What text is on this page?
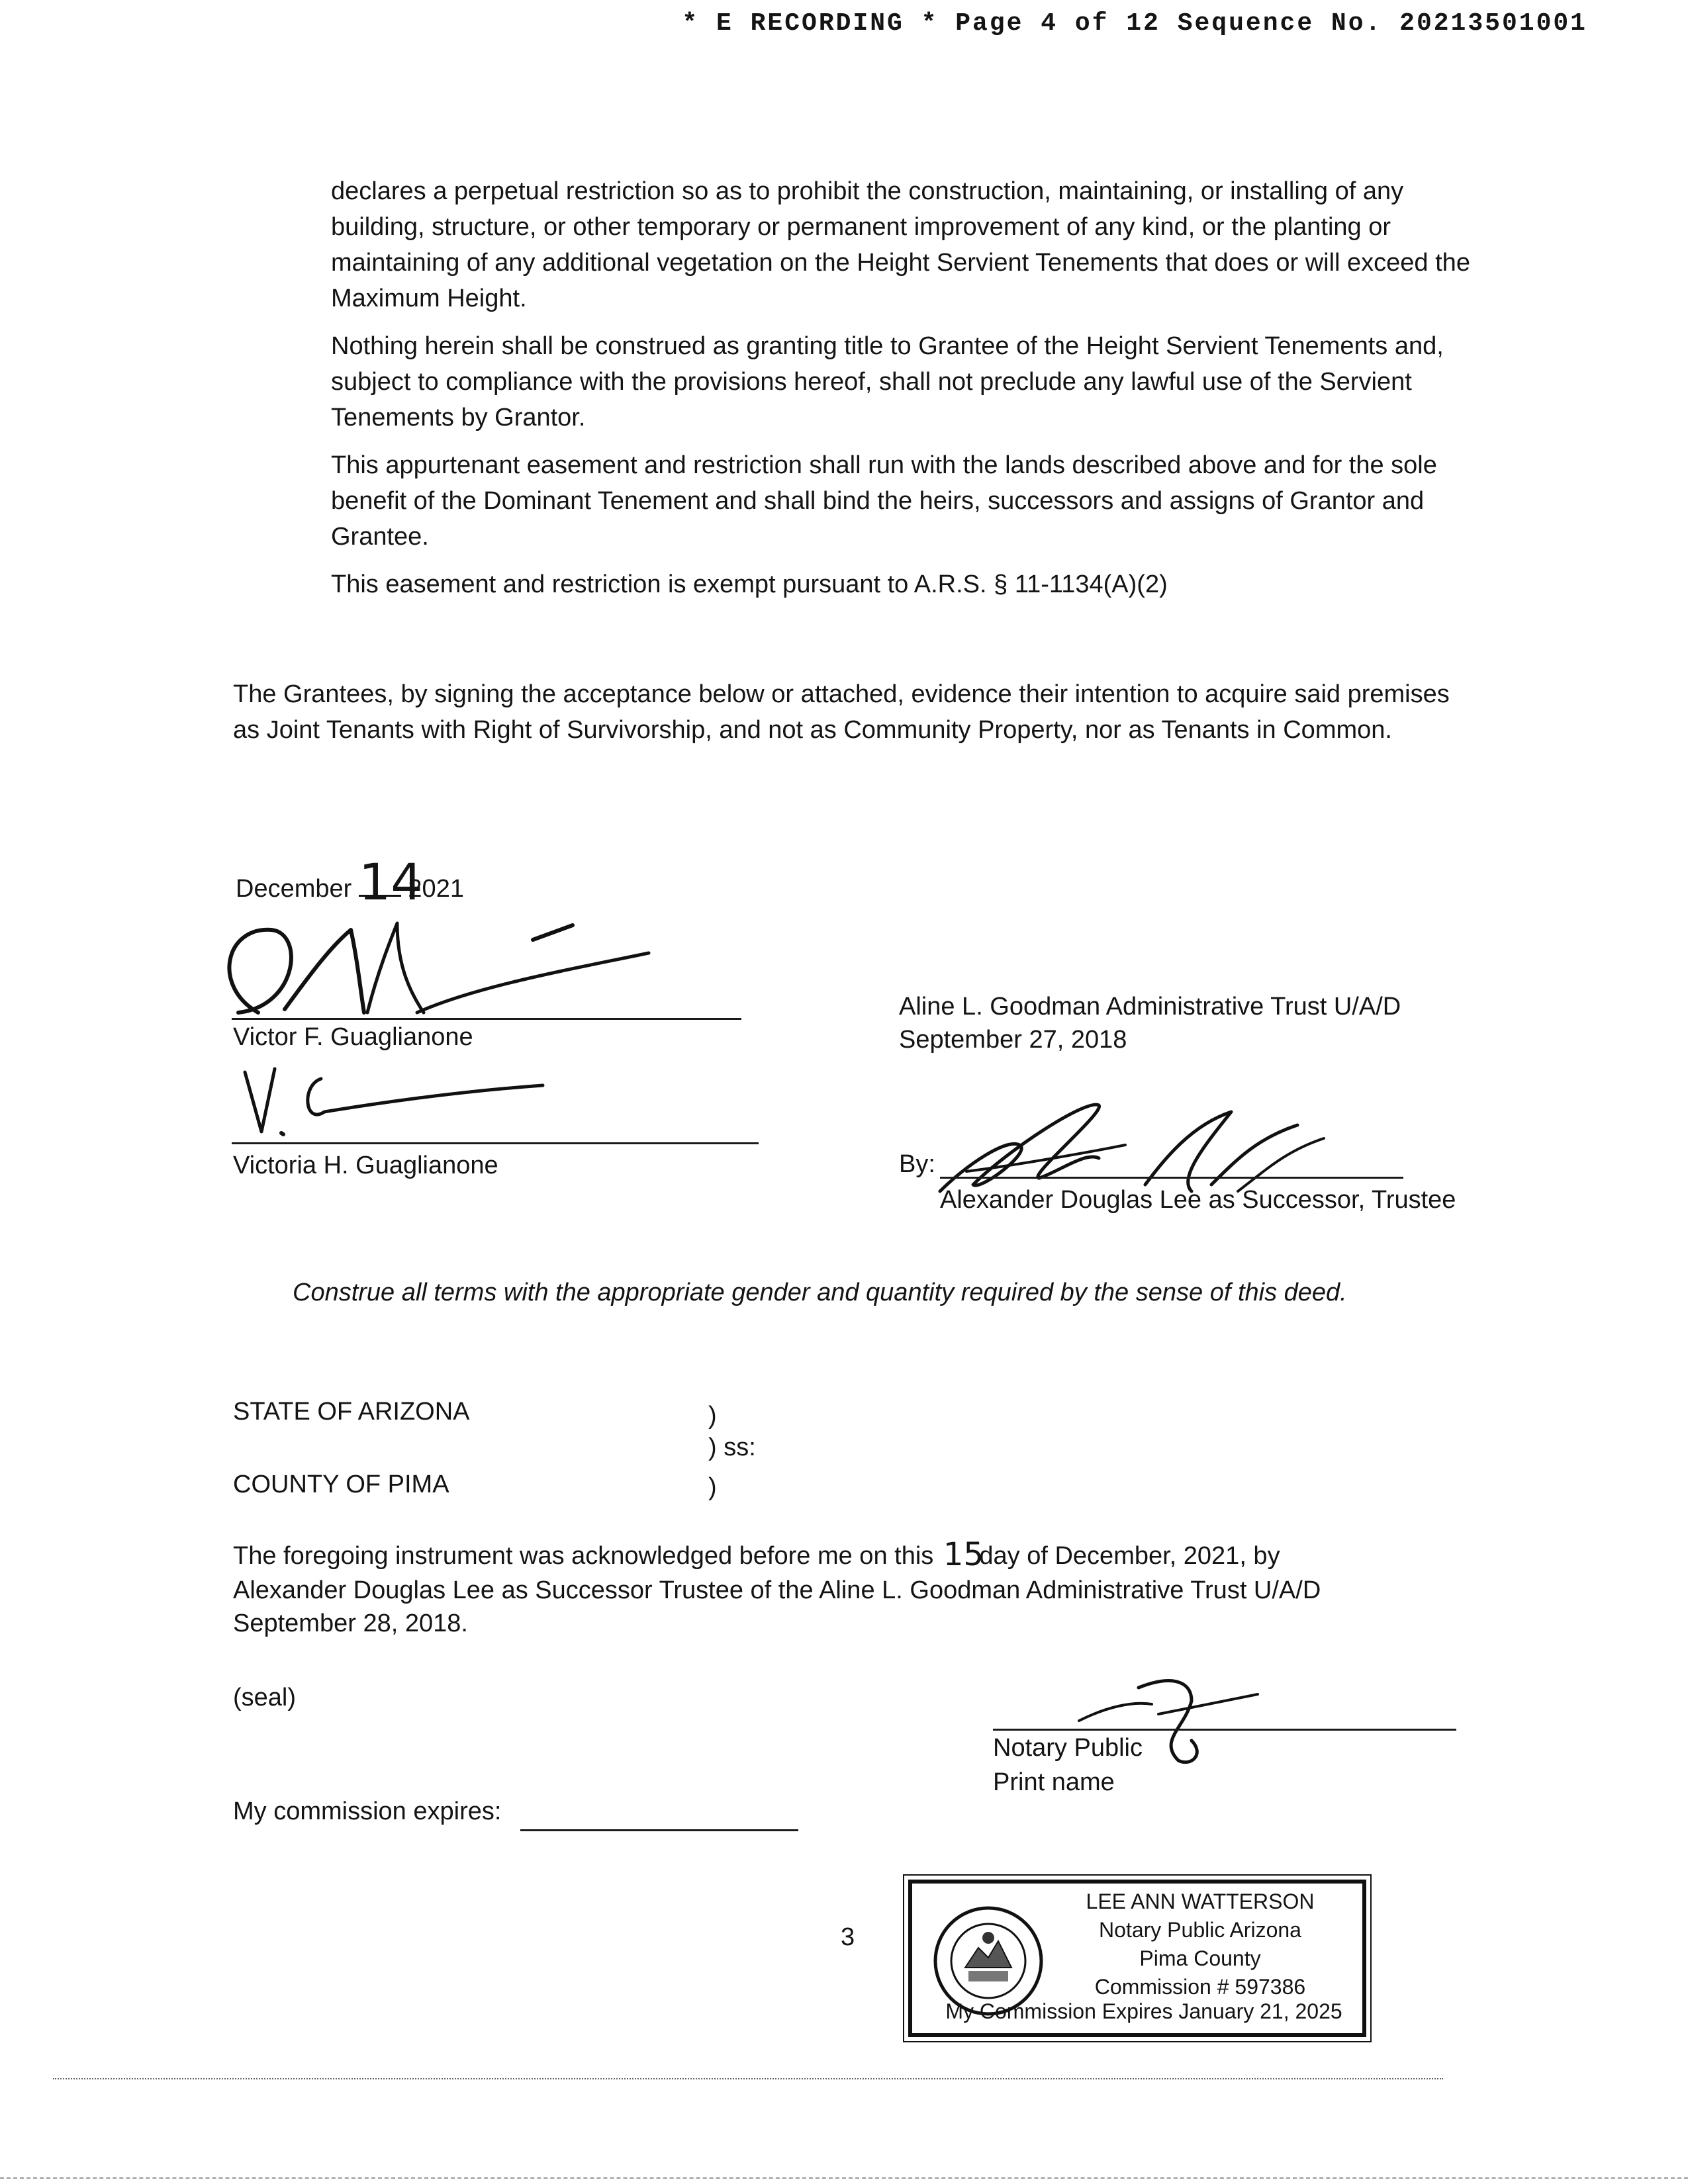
* E RECORDING * Page 4 of 12 Sequence No. 20213501001

declares a perpetual restriction so as to prohibit the construction, maintaining, or installing of any building, structure, or other temporary or permanent improvement of any kind, or the planting or maintaining of any additional vegetation on the Height Servient Tenements that does or will exceed the Maximum Height.

Nothing herein shall be construed as granting title to Grantee of the Height Servient Tenements and, subject to compliance with the provisions hereof, shall not preclude any lawful use of the Servient Tenements by Grantor.

This appurtenant easement and restriction shall run with the lands described above and for the sole benefit of the Dominant Tenement and shall bind the heirs, successors and assigns of Grantor and Grantee.

This easement and restriction is exempt pursuant to A.R.S. § 11-1134(A)(2)

The Grantees, by signing the acceptance below or attached, evidence their intention to acquire said premises as Joint Tenants with Right of Survivorship, and not as Community Property, nor as Tenants in Common.

December 14 2021
Victor F. Guaglianone
Victoria H. Guaglianone
Aline L. Goodman Administrative Trust U/A/D
September 27, 2018
By:
Alexander Douglas Lee as Successor, Trustee
Construe all terms with the appropriate gender and quantity required by the sense of this deed.
STATE OF ARIZONA	)
) ss:
COUNTY OF PIMA	)
The foregoing instrument was acknowledged before me on this 15
day of December, 2021, by
Alexander Douglas Lee as Successor Trustee of the Aline L. Goodman Administrative Trust U/A/D
September 28, 2018.
(seal)
Notary Public
Print name
My commission expires:
3
LEE ANN WATTERSON
Notary Public Arizona
Pima County
Commission # 597386
My Commission Expires January 21, 2025
